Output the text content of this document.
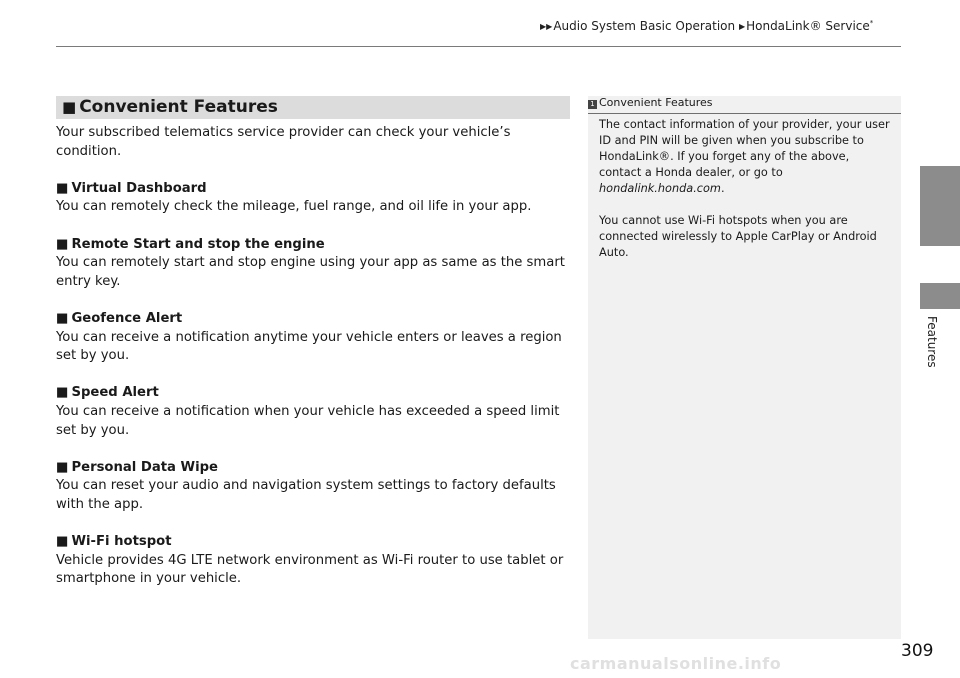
▶▶Audio System Basic Operation ▶HondaLink® Service*
Features
■ Convenient Features

Your subscribed telematics service provider can check your vehicle’s condition.

■ Virtual Dashboard

You can remotely check the mileage, fuel range, and oil life in your app.

■ Remote Start and stop the engine

You can remotely start and stop engine using your app as same as the smart entry key.

■ Geofence Alert

You can receive a notification anytime your vehicle enters or leaves a region set by you.

■ Speed Alert

You can receive a notification when your vehicle has exceeded a speed limit set by you.

■ Personal Data Wipe

You can reset your audio and navigation system settings to factory defaults with the app.

■ Wi-Fi hotspot

Vehicle provides 4G LTE network environment as Wi-Fi router to use tablet or smartphone in your vehicle.

1 Convenient Features

The contact information of your provider, your user ID and PIN will be given when you subscribe to HondaLink®. If you forget any of the above, contact a Honda dealer, or go to hondalink.honda.com.

You cannot use Wi-Fi hotspots when you are connected wirelessly to Apple CarPlay or Android Auto.

309
carmanualsonline.info
